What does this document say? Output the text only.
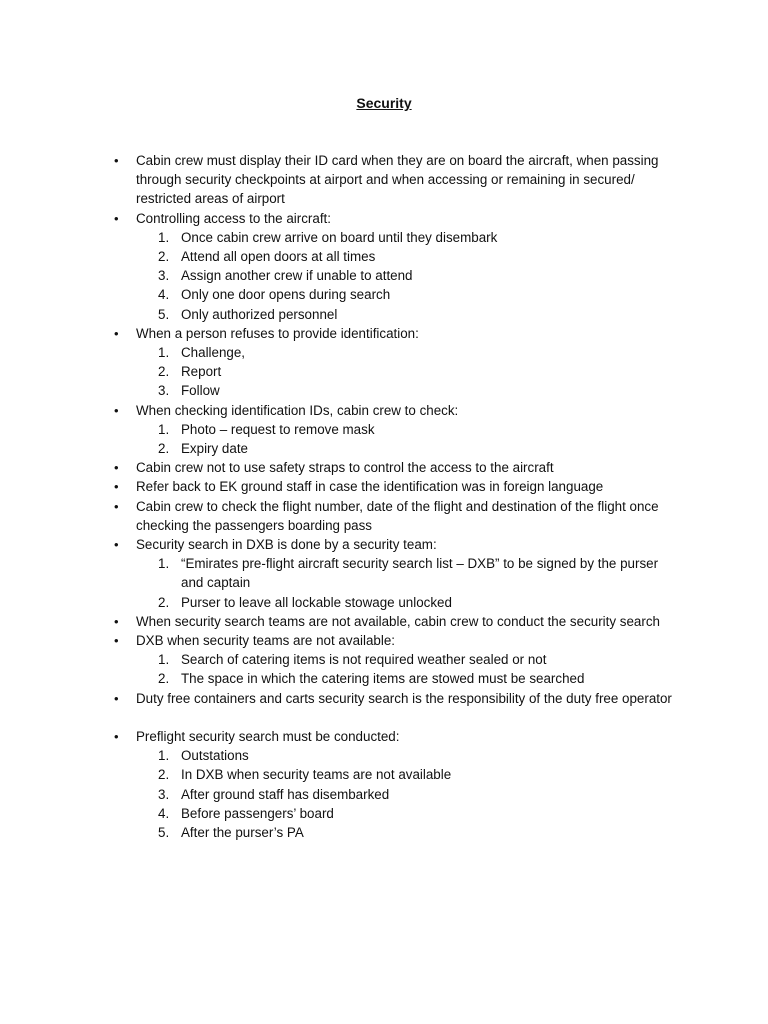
Security
• Cabin crew must display their ID card when they are on board the aircraft, when passing through security checkpoints at airport and when accessing or remaining in secured/ restricted areas of airport
• Controlling access to the aircraft:
1. Once cabin crew arrive on board until they disembark
2. Attend all open doors at all times
3. Assign another crew if unable to attend
4. Only one door opens during search
5. Only authorized personnel
• When a person refuses to provide identification:
1. Challenge,
2. Report
3. Follow
• When checking identification IDs, cabin crew to check:
1. Photo – request to remove mask
2. Expiry date
• Cabin crew not to use safety straps to control the access to the aircraft
• Refer back to EK ground staff in case the identification was in foreign language
• Cabin crew to check the flight number, date of the flight and destination of the flight once checking the passengers boarding pass
• Security search in DXB is done by a security team:
1. “Emirates pre-flight aircraft security search list – DXB” to be signed by the purser and captain
2. Purser to leave all lockable stowage unlocked
• When security search teams are not available, cabin crew to conduct the security search
• DXB when security teams are not available:
1. Search of catering items is not required weather sealed or not
2. The space in which the catering items are stowed must be searched
• Duty free containers and carts security search is the responsibility of the duty free operator
• Preflight security search must be conducted:
1. Outstations
2. In DXB when security teams are not available
3. After ground staff has disembarked
4. Before passengers’ board
5. After the purser’s PA
